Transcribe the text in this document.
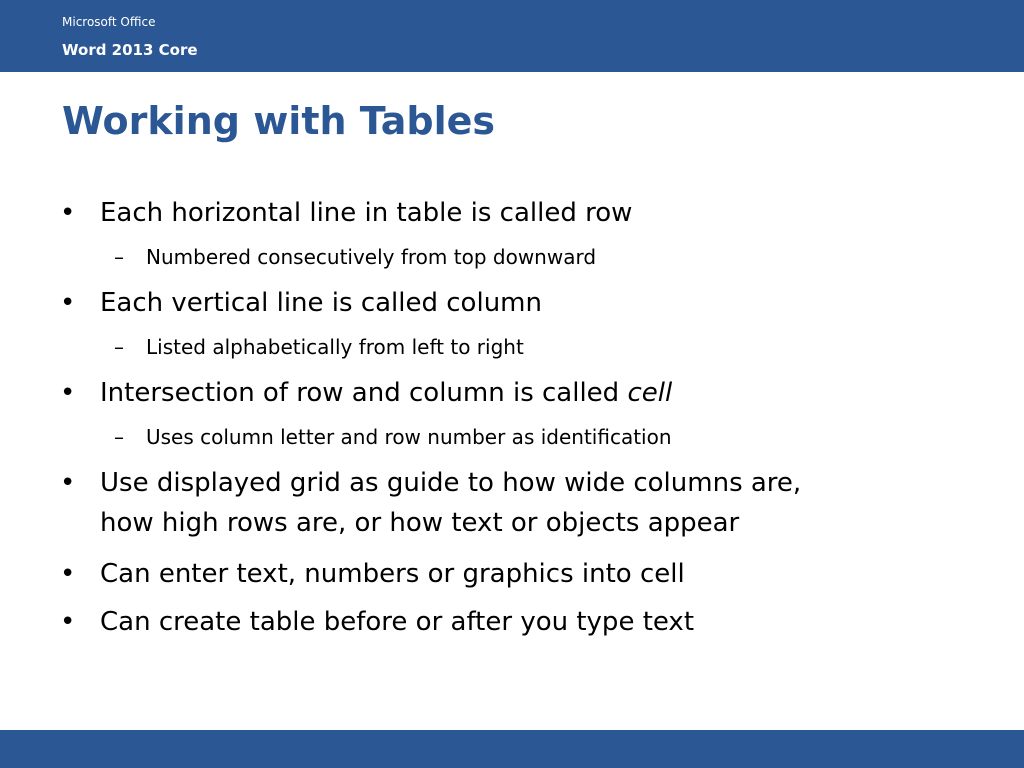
Microsoft Office
Word 2013 Core
Working with Tables
• Each horizontal line in table is called row
– Numbered consecutively from top downward
• Each vertical line is called column
– Listed alphabetically from left to right
• Intersection of row and column is called cell
– Uses column letter and row number as identification
• Use displayed grid as guide to how wide columns are,
how high rows are, or how text or objects appear
• Can enter text, numbers or graphics into cell
• Can create table before or after you type text
